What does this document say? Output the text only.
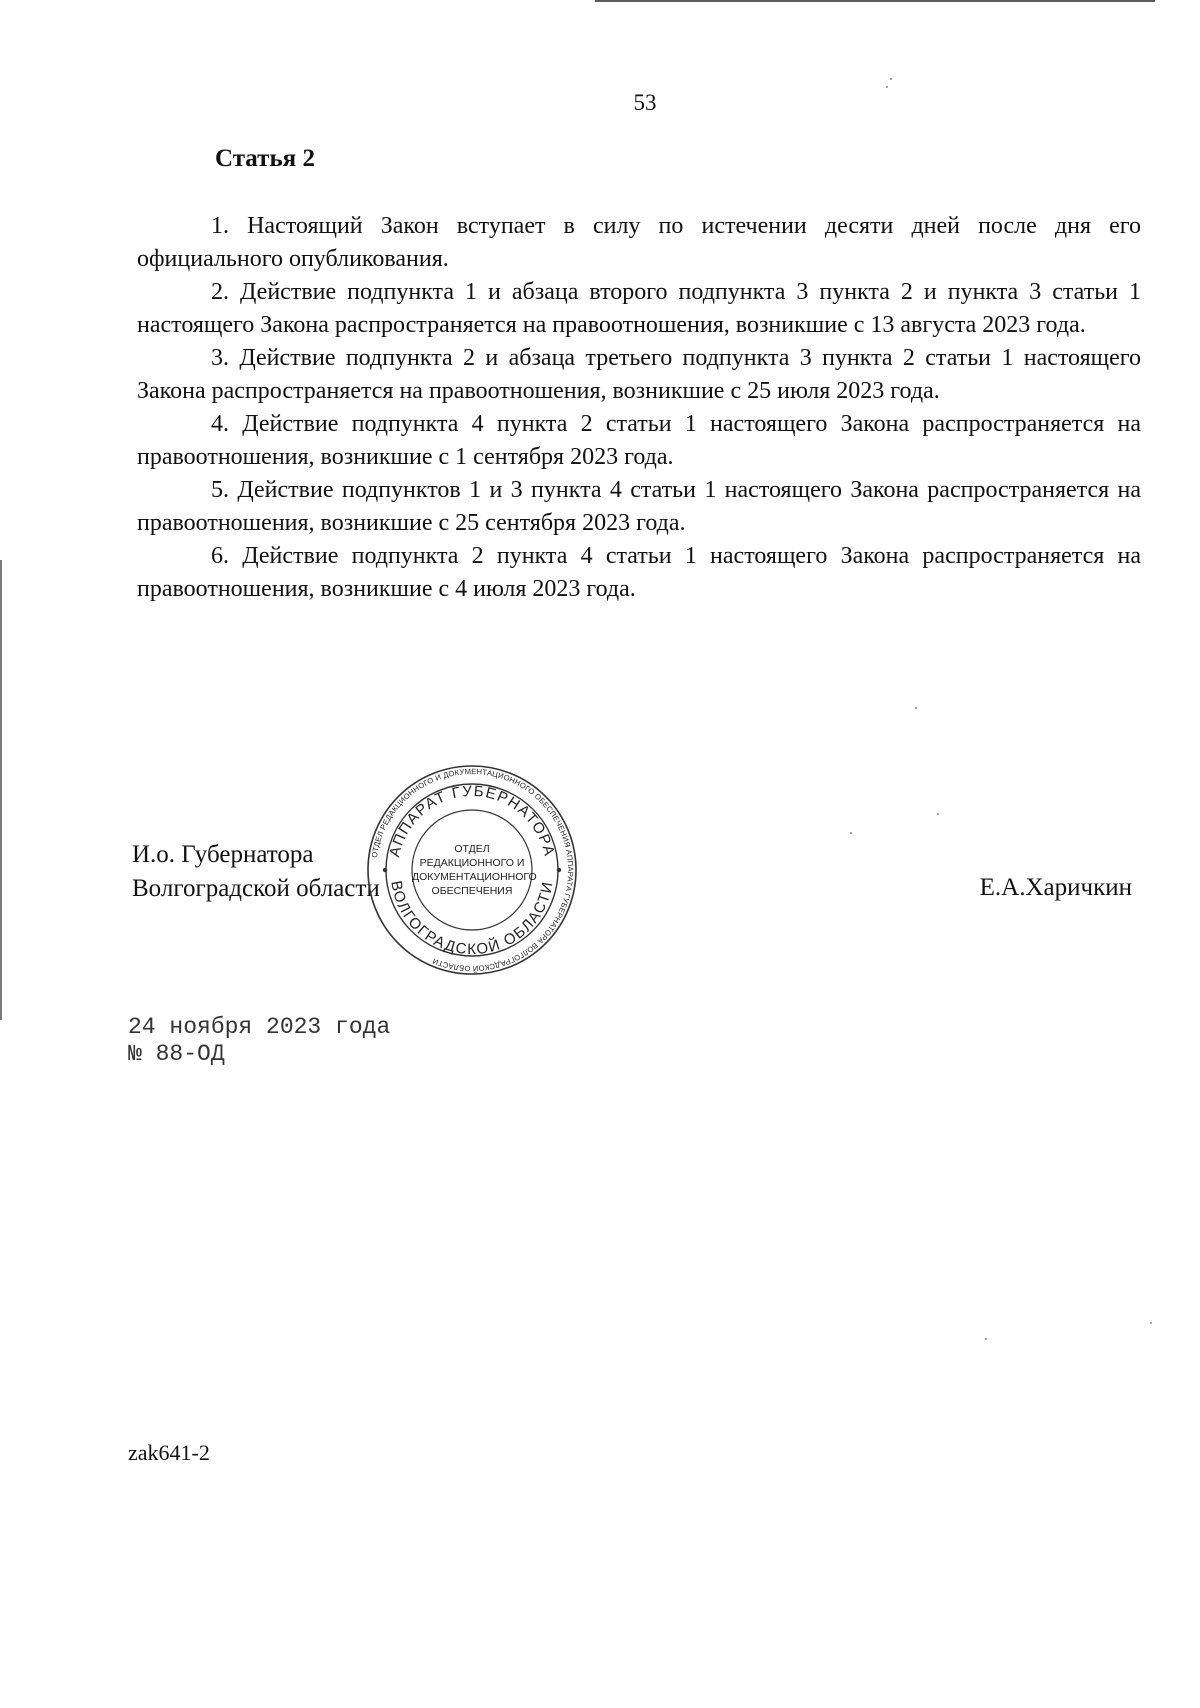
53
Статья 2

1. Настоящий Закон вступает в силу по истечении десяти дней после дня его официального опубликования.

2. Действие подпункта 1 и абзаца второго подпункта 3 пункта 2 и пункта 3 статьи 1 настоящего Закона распространяется на правоотношения, возникшие с 13 августа 2023 года.

3. Действие подпункта 2 и абзаца третьего подпункта 3 пункта 2 статьи 1 настоящего Закона распространяется на правоотношения, возникшие с 25 июля 2023 года.

4. Действие подпункта 4 пункта 2 статьи 1 настоящего Закона распространяется на правоотношения, возникшие с 1 сентября 2023 года.

5. Действие подпунктов 1 и 3 пункта 4 статьи 1 настоящего Закона распространяется на правоотношения, возникшие с 25 сентября 2023 года.

6. Действие подпункта 2 пункта 4 статьи 1 настоящего Закона распространяется на правоотношения, возникшие с 4 июля 2023 года.

И.о. Губернатора
Волгоградской области
ОТДЕЛ РЕДАКЦИОННОГО И ДОКУМЕНТАЦИОННОГО ОБЕСПЕЧЕНИЯ АППАРАТА ГУБЕРНАТОРА ВОЛГОГРАДСКОЙ ОБЛАСТИ
АППАРАТ ГУБЕРНАТОРА
ВОЛГОГРАДСКОЙ ОБЛАСТИ
ОТДЕЛ
РЕДАКЦИОННОГО И
ДОКУМЕНТАЦИОННОГО
ОБЕСПЕЧЕНИЯ	Е.А.Харичкин
24 ноября 2023 года
№ 88-ОД
zak641-2
